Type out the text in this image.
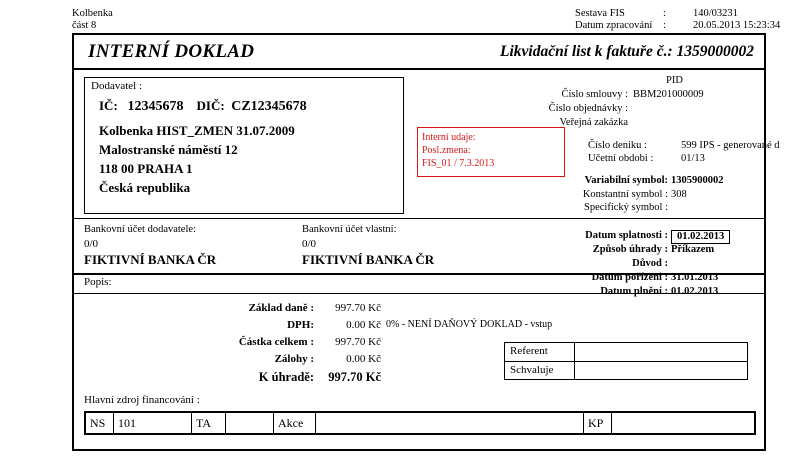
Kolbenka
část 8
Sestava FIS	:	140/03231
Datum zpracování :	20.05.2013 15:23:34
INTERNÍ DOKLAD	Likvidační list k faktuře č.: 1359000002
Dodavatel :
IČ: 12345678 DIČ: CZ12345678
Kolbenka HIST_ZMEN 31.07.2009
Malostranské náměstí 12
118 00 PRAHA 1
Česká republika
Interní udaje:
Posl.zmena:
FIS_01 / 7.3.2013
PID
Číslo smlouvy : BBM201000009
Číslo objednávky :
Veřejná zakázka
Číslo deniku :	599 IPS - generované d
Učetní obdobi :	01/13
Variabilní symbol: 1305900002
Konstantní symbol : 308
Specifický symbol :
Datum splatnosti : 01.02.2013
Způsob úhrady : Příkazem
Důvod :
Datum pořízeni : 31.01.2013
Datum plnění : 01.02.2013
Bankovní účet dodavatele:
0/0
FIKTIVNÍ BANKA ČR
Bankovní účet vlastní:
0/0
FIKTIVNÍ BANKA ČR
Popis:
Základ daně :	997.70 Kč
DPH:	0.00 Kč 0% - NENÍ DAŇOVÝ DOKLAD - vstup
Částka celkem :	997.70 Kč
Zálohy :	0.00 Kč
K úhradě:	997.70 Kč
Referent
Schvaluje
Hlavní zdroj financování :
NS	101	TA	Akce	KP
